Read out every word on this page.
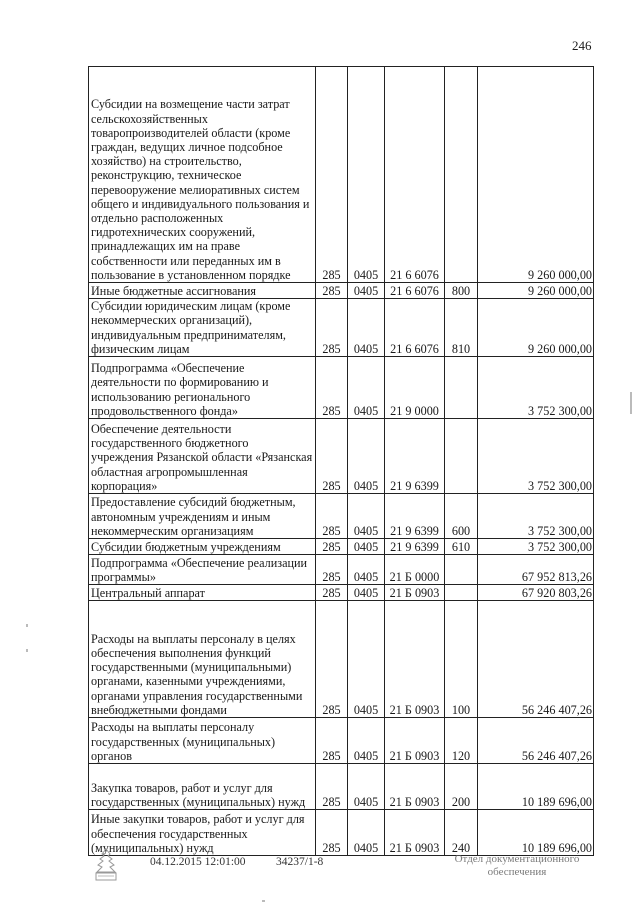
246
Субсидии на возмещение части затрат сельскохозяйственных товаропроизводителей области (кроме граждан, ведущих личное подсобное хозяйство) на строительство, реконструкцию, техническое перевооружение мелиоративных систем общего и индивидуального пользования и отдельно расположенных гидротехнических сооружений, принадлежащих им на праве собственности или переданных им в пользование в установленном порядке	285	0405	21 6 6076		9 260 000,00
Иные бюджетные ассигнования	285	0405	21 6 6076	800	9 260 000,00
Субсидии юридическим лицам (кроме некоммерческих организаций), индивидуальным предпринимателям, физическим лицам	285	0405	21 6 6076	810	9 260 000,00
Подпрограмма «Обеспечение деятельности по формированию и использованию регионального продовольственного фонда»	285	0405	21 9 0000		3 752 300,00
Обеспечение деятельности государственного бюджетного учреждения Рязанской области «Рязанская областная агропромышленная корпорация»	285	0405	21 9 6399		3 752 300,00
Предоставление субсидий бюджетным, автономным учреждениям и иным некоммерческим организациям	285	0405	21 9 6399	600	3 752 300,00
Субсидии бюджетным учреждениям	285	0405	21 9 6399	610	3 752 300,00
Подпрограмма «Обеспечение реализации программы»	285	0405	21 Б 0000		67 952 813,26
Центральный аппарат	285	0405	21 Б 0903		67 920 803,26
Расходы на выплаты персоналу в целях обеспечения выполнения функций государственными (муниципальными) органами, казенными учреждениями, органами управления государственными внебюджетными фондами	285	0405	21 Б 0903	100	56 246 407,26
Расходы на выплаты персоналу государственных (муниципальных) органов	285	0405	21 Б 0903	120	56 246 407,26
Закупка товаров, работ и услуг для государственных (муниципальных) нужд	285	0405	21 Б 0903	200	10 189 696,00
Иные закупки товаров, работ и услуг для обеспечения государственных (муниципальных) нужд	285	0405	21 Б 0903	240	10 189 696,00
04.12.2015 12:01:00	34237/1-8	Отдел документационного
обеспечения
